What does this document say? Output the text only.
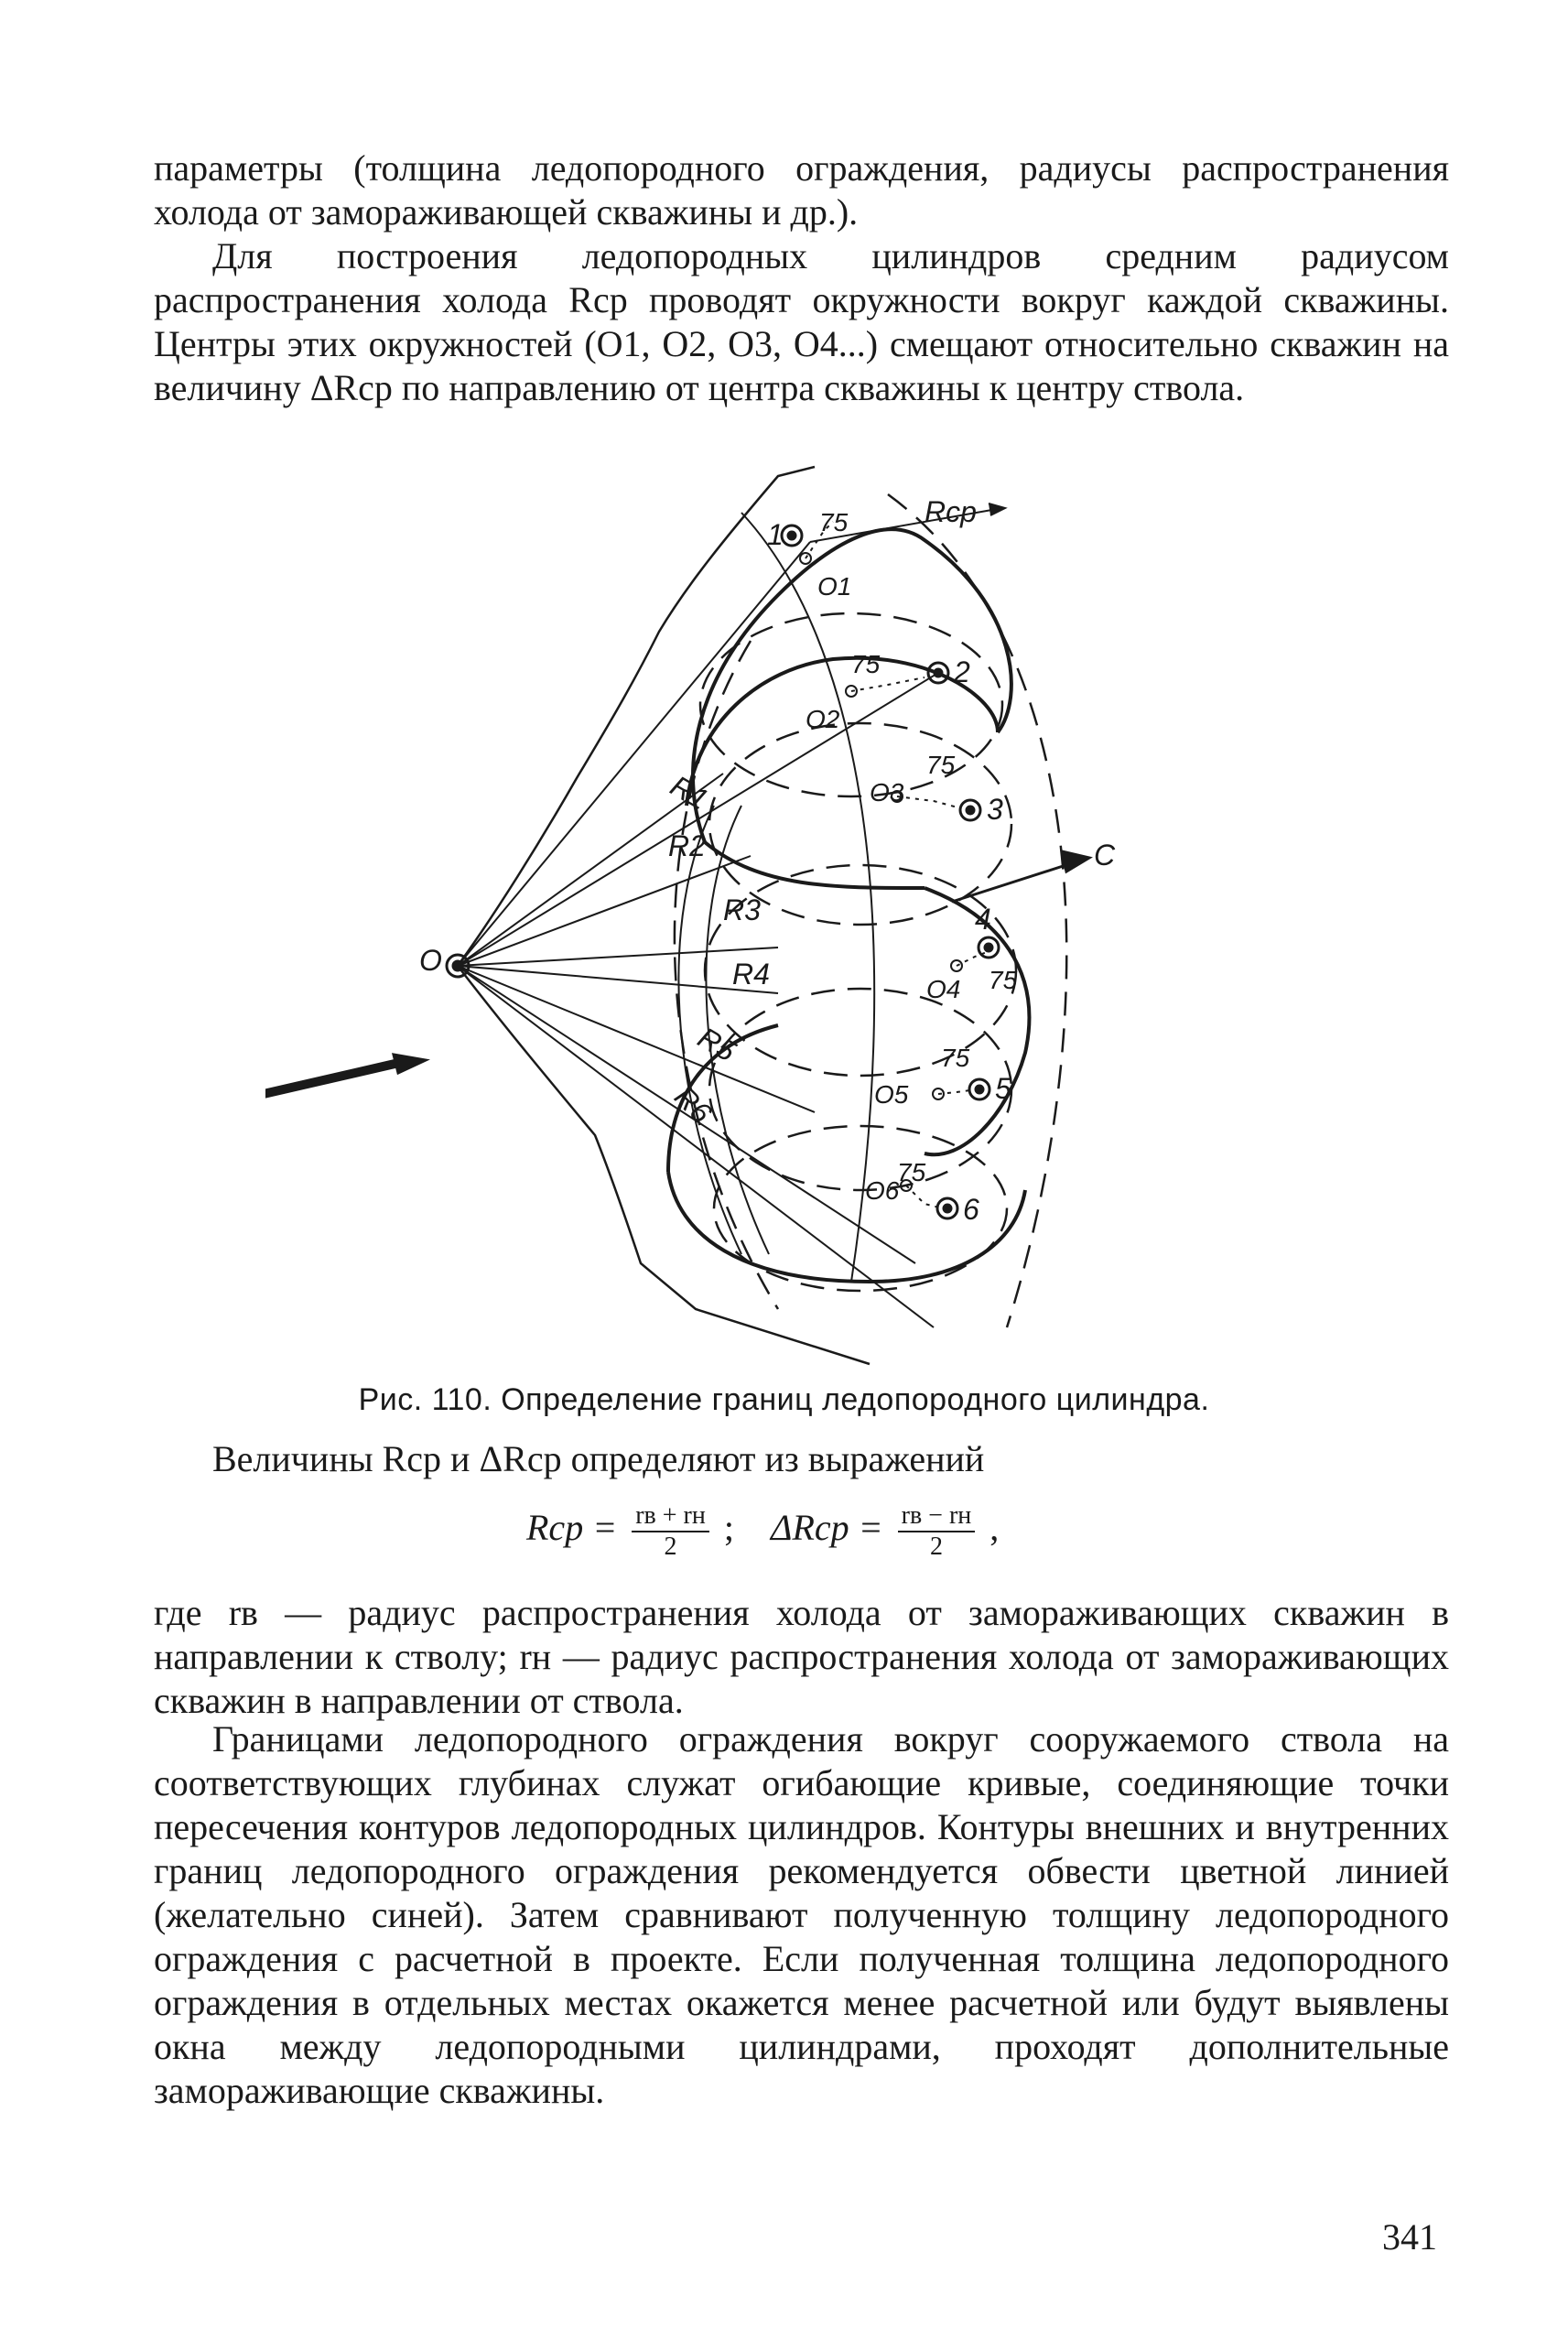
параметры (толщина ледопородного ограждения, радиусы распространения холода от замораживающей скважины и др.).

Для построения ледопородных цилиндров средним радиусом распространения холода Rср проводят окружности вокруг каждой скважины. Центры этих окружностей (O1, O2, O3, O4...) смещают относительно скважин на величину ΔRср по направлению от центра скважины к центру ствола.

O
Rср
C
R1
R2
R3
R4
R5
R6
1
2
3
4
5
6
O1
O2
O3
O4
O5
O6
75
75
75
75
75
75
Рис. 110. Определение границ ледопородного цилиндра.
Величины Rср и ΔRср определяют из выражений
Rср = $\frac{rв + rн}{2}$ ; $\Delta Rср = \frac{rв - rн}{2}$ ,

где rв — радиус распространения холода от замораживающих скважин в направлении к стволу; rн — радиус распространения холода от замораживающих скважин в направлении от ствола.

Границами ледопородного ограждения вокруг сооружаемого ствола на соответствующих глубинах служат огибающие кривые, соединяющие точки пересечения контуров ледопородных цилиндров. Контуры внешних и внутренних границ ледопородного ограждения рекомендуется обвести цветной линией (желательно синей). Затем сравнивают полученную толщину ледопородного ограждения с расчетной в проекте. Если полученная толщина ледопородного ограждения в отдельных местах окажется менее расчетной или будут выявлены окна между ледопородными цилиндрами, проходят дополнительные замораживающие скважины.

341
